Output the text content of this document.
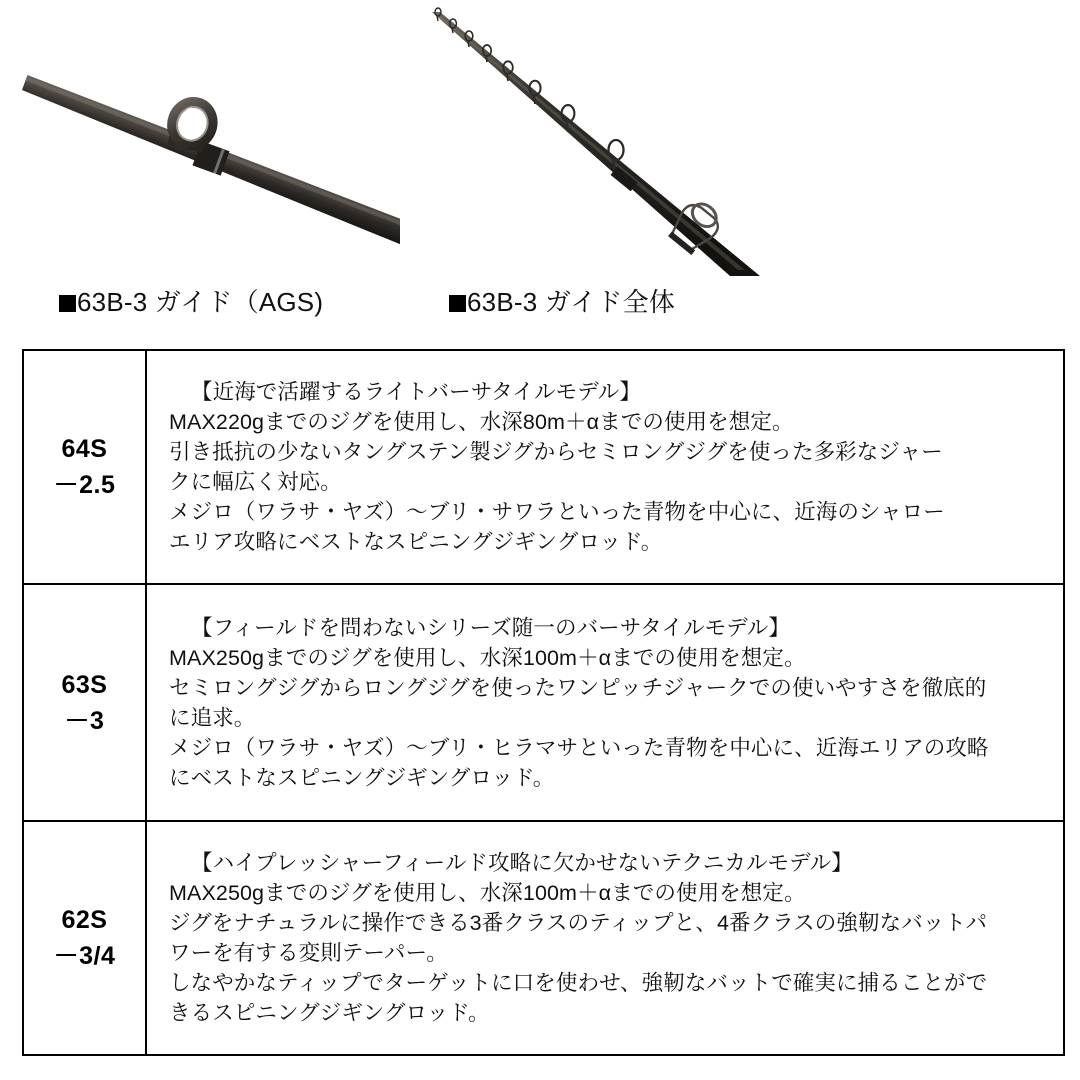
63B-3 ガイド（AGS)	63B-3 ガイド全体
64S
－2.5

【近海で活躍するライトバーサタイルモデル】
MAX220gまでのジグを使用し、水深80m＋αまでの使用を想定。
引き抵抗の少ないタングステン製ジグからセミロングジグを使った多彩なジャー
クに幅広く対応。
メジロ（ワラサ・ヤズ）〜ブリ・サワラといった青物を中心に、近海のシャロー
エリア攻略にベストなスピニングジギングロッド。

63S
－3

【フィールドを問わないシリーズ随一のバーサタイルモデル】
MAX250gまでのジグを使用し、水深100m＋αまでの使用を想定。
セミロングジグからロングジグを使ったワンピッチジャークでの使いやすさを徹底的
に追求。
メジロ（ワラサ・ヤズ）〜ブリ・ヒラマサといった青物を中心に、近海エリアの攻略
にベストなスピニングジギングロッド。

62S
－3/4

【ハイプレッシャーフィールド攻略に欠かせないテクニカルモデル】
MAX250gまでのジグを使用し、水深100m＋αまでの使用を想定。
ジグをナチュラルに操作できる3番クラスのティップと、4番クラスの強靭なバットパ
ワーを有する変則テーパー。
しなやかなティップでターゲットに口を使わせ、強靭なバットで確実に捕ることがで
きるスピニングジギングロッド。
